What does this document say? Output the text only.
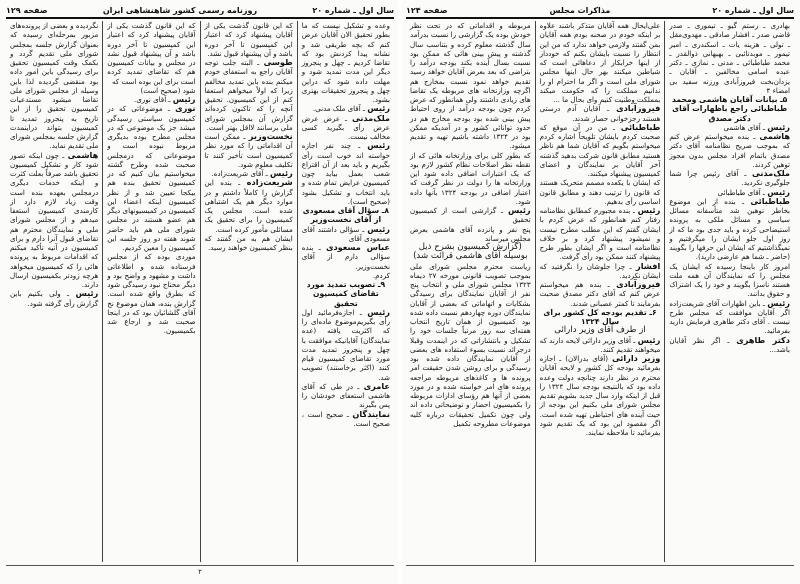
سال اول ـ شماره ۲۰
روزنامه رسمی کشور شاهنشاهی ایران
صفحه ۱۲۹

وعده و تشکیل نیست که ما بطور تحقیق الان آقایان عرض کنم که بچه طریقی شد و نشانه پیدا کردنش بود که تقاضا کردیم ـ چهل و پنجروز دیگر این مدت تمدید شود و مهلت داده شود که دراین چهل و پنجروز تحقیقات بهتری بشود.

رئیس ـ آقای ملک مدنی.

ملک‌مدنی ـ عرض عرض عرض رأی بگیرید کسی مخالف نیست.

رئیس ـ چند نفر اجازه خواسته اند خوب است رأی بگیریم و باید بعد از آن اقتراع شعب بعمل بیاید چون کمیسیون عرایض تمام شده و باید انتخاب و تشکیل بشود (صحیح است).

۸ـ سؤال آقای مسعودی از آقای نخست‌وزیر

رئیس ـ سؤالی داشتند آقای مسعودی آقای

عباس مسعودی ـ بنده سؤالی دارم از آقای نخست‌وزیر.

کردم.

۹ـ تصویب تمدید مورد تقاضای کمیسیون تحقیق

رئیس ـ اجازه‌فرمائید اول رأی بگیریم‌موضوع ماده‌ای را که اکثریت یافته (عده نمایندگان) آقایانیکه موافقت با چهل و پنجروز تمدید مدت مورد تقاضای کمیسیون قیام کنند (اکثر برخاستند) تصویب شد.

عامری ـ در طی که آقای هاشمی استعفای خودشان را پس بگیرند

نمایندگان ـ صحیح است ، صحیح است.

که این قانون گذشت یکی از آقایان پیشنهاد کرد که اعتبار این کمیسیون تا آخر دوره باشد و آن پیشنهاد قبول نشد.

طوسی ـ البته جلب توجه آقایان راجع به استعفای خودم میکنم بنده باین تمدید مخالفم زیرا که اولاً میخواهم استعفا کنم از این کمیسیون. تحقیق آنچه را که تاکنون کرده‌اند گزارش آن بمجلس شورای ملی برسانند لااقل بهتر است.

نخست‌وزیر ـ ممکن است آن اقداماتی را که مورد نظر کمیسیون است تأخیر کنند تا تکلیف معلوم شود.

رئیس ـ آقای شریعت‌زاده.

شریعت‌زاده ـ بنده این گزارش را کاملاً داشتم و در موارد دیگر هم یک اشتباهی شده است. مجلس یک کمیسیون را برای تحقیق یک مسائلی مأمور کرده است.

ایشان هم به من گفتند که بنظر کمیسیون خواهند رسید.

که این قانون گذشت یکی از آقایان پیشنهاد کرد که اعتبار این کمیسیون تا آخر دوره باشد و آن پیشنهاد قبول نشد در مجلس و بیانات کمیسیون هم که تقاضای تمدید کرده است برای این بوده است که

شود (صحیح است)

رئیس ـ آقای نوری.

نوری ـ موضوعاتی که در کمیسیون سیاستی رسیدگی میشد جز یک موضوعی که در مجلس مطرح بوده بدیگری مربوط نبوده است و موضوعاتی که درمجلس صحبت شده وطرح گشته میخواستیم بیان کنیم که در کمیسیون تحقیق بنده هم بیکجا تعیین شد و از نظر کمیسیون اینکه اعضاء این کمیسیون در کمیسیونهای دیگر هم عضو هستند در مجلس شورای ملی هم باید حاضر شوند هفته دو روز جلسه این کمیسیون را معین کردیم.

موردی بوده که از مجلس فرستاده شده و اطلاعاتی داشت و مشهود و واضح بود و دیگر محتاج نبود رسیدگی شود که بطرق واقع شده است. گزارش بنده، همان موضوع نخ آقای گلشائیان بود که در اینجا صحبت شد و ارجاع شد بکمیسیون.

نگردیده و بعضی از پرونده‌های مزبور بمرحله‌ای رسیده که بعنوان گزارش جلسه بمجلس شورای ملی تقدیم گردد و بکمک وقت کمیسیون تحقیق برای رسیدگی باین امور داده بود منقضی گردیده لذا باین وسیله از مجلس شورای ملی تقاضا میشود مستدعیات کمیسیون تحقیق را از این تاریخ به پنجروز تمدید تا کمیسیون بتواند دراینمدت گزارش جلسه بمجلس شورای ملی تقدیم نماید.

هاشمی ـ چون اینکه تصور شود کار و تشکیل کمیسیون تحقیق باشد صرفاً بعلت کثرت و اینکه خدمات دیگری درمجلس بعهده بنده است وقت زیاد لازم دارد از کارمندی کمیسیون استعفا میدهم و از مجلس شورای ملی و نمایندگان محترم هم تقاضای قبول آنرا دارم و برای کمیسیون در آتیه تأکید میکنم که اقدامات مربوط به پرونده هائی را که کمیسیون میخواهد هرچه زودتر بکمیسیون ارسال دارند.

رئیس ـ ولی بکنیم باین گزارش رأی گرفته شود.

۲
سال اول ـ شماره ۲۰
مذاکرات مجلس
صفحه ۱۲۴

بهادری ـ رستم گیو ـ تیموری ـ صدر قاضی صدر ـ افشار صادقی ـ مهدوی‌مقل ـ تولی ـ هزینه یات ـ اسکندری ـ امیر تیمور ـ موبدتائبی ـ بهبهانی ذوالقدر ـ محمد طباطبائی ـ مدنی ـ نمازی ـ دکتر عبده اسامی مخالفین ـ آقایان ـ یزدان‌بخت فیروزآبادی ورزنه سفید بی امضاء ۴

۵ـ بیانات آقایان هاشمی ومحمد طباطبائی راجع باظهارات آقای دکتر مصدق

رئیس ـ آقای هاشمی

هاشمی ـ بنده میخواستم عرض کنم که بموجب صریح نظامنامه آقای دکتر مصدق باتمام افراد مجلس بدون مجوز توهین کردند.

ملک‌مدنی ـ آقای رئیس چرا شما جلوگیری نکردید.

رئیس ـ آقای طباطبائی

طباطبائی ـ بنده از این موضوع بخاطر توهین شد متأسفانه مسائل سیاسی و مسائل ملکی به پرونده استیضاحی کرده و باید جدی بود ما که از روز اول جلو ایشان را میگرفتیم و نمیگذاشتیم که ایشان این حرفها را بگویند (حاضر ـ شما هم عارضی دارید).

امروز کار باینجا رسیده که ایشان یک مجلس را که نمایندگان آن همه ملت هستند ناسزا بگویند و خود را یک اشتراک و حقوق بدانند.

رئیس ـ باین اظهارات آقای شریعت‌زاده اگر آقایان موافقت که مجلس طرح نیست . آقای دکتر طاهری فرمایش دارید بفرمائید.

دکتر طاهری ـ اگر نظر آقایان باشد...

علی‌ایحال همه آقایان متذکر باشند علاوه بر اینکه خودم در صحنه بودم همه آقایان بمن گفتند ولازمی خواهد ندارد که من این انتظار را نسبت بایشان بکنم که خوددار از اینها خرابکار از دعاهائی است که شیاطین میکنند بهر حال اینها مجلس شورای ملی است و اگر ما احترام او را ندانیم مملکت را که حکومت میکند بمملکت وطنیت کنیم وای بحال ما ...

فیروزآبادی ـ آقایان آدم درستی هستند رجزخوانی حصار شدند.

طباطبائی ـ من در آن موقع که صحبت کردم بایشان تلویحاً اشاره کردم میخواستم بگویم که آقایان شما هم ناظر هستید مطابق قانون شرکت بدهید گذشته آخر آقایان بر نمایندگان و اعضای کمیسیون پیشنهاد میکنند.

که ایشان با یکعده مصمم متحریک هستند که قانون را ترتیب دهند و مطابق قانون اساسی رأی بدهیم.

رئیس ـ بنده مجبورم کمطابق نظامنامه رفتار کنم همانطور که عرض کردم با ایشان گفتم که این مطلب مطرح نیست و نمیشود پیشنهاد کرد و بر خلاف نظامنامه است و اگر ایشان بطور طرح پیشنهاد کنند ممکن بود رأی گرفت.

افشار ـ چرا جلوشان را نگرفتید که ایشان نکردید.

فیروزآبادی ـ بنده هم میخواستم عرض کنم که آقای دکتر مصدق صحبت بفرمایند تا کمتر عصبانی شدند.

۶ـ تقدیم بودجه کل کشور برای سال ۱۳۲۴

از طرف آقای وزیر دارائی

رئیس ـ آقای وزیر دارائی لایحه دارند که میخواهند تقدیم کنند.

وزیر دارائی (آقای بدرالان) ـ اجازه بفرمائید بودجه کل کشور و لایحه آقایان محترم در نظر دارند چنانچه دولت وعده داده بود که بالنتیجه بودجه سال ۱۳۲۴ را قبل از اینکه وارد سال جدید بشویم تقدیم مجلس شورای ملی بکنیم این بودجه از حیث آینده های احتیاطی تهیه شده است. اگر مقصود این بود که یک تقدیم شود بفرمائید تا ملاحظه نمایند.

مربوطه و اقداماتی که در تحت نظر خودش بوده یک گزارشی را نسبت بدرآمد سال گذشته معلوم کرده و بتناسب سال گذشته و پیش بینی هائی که ممکن بود نسبت بسال آینده بکند بودجه درآمد را بتراضی که بعد بعرض آقایان خواهد رسید تقدیم خواهد نمود نسبت بمخارج هم اگرچه وزارتخانه های مربوطه یک تقاضا های زیادی داشتند ولی همانطور که عرض کردم چون بودجه درآمد از روی احتیاط پیش بینی شده بود بودجه مخارج هم در حدود توانائی کشور و در آمدیکه ممکن بود در ۱۳۲۴ داشته باشیم تهیه و تقدیم میشود.

که بطور کلی برای وزارتخانه هائی که از نقطه نظر اصلاحات نظام کشور لازم بود که یک اعتبارات اضافی داده شود این وزارتخانه ها را دولت در نظر گرفت که اعتبار اضافی در بودجه ۱۳۲۴ بآنها داده شود.

رئیس ـ گزارشی است از کمیسیون تحقیق

پنج نفر و پانزده آقای هاشمی بعرض مجلس میرساند

(گزارش کمیسیون بشرح ذیل بوسیله آقای هاشمی قرائت شد)

ریاست محترم مجلس شورای ملی بموجب تصویب قانونی مورخه ۲۷ دیماه ۱۳۲۳ مجلس شورای ملی و انتخاب پنج نفر از آقایان نمایندگان برای رسیدگی بشکایات و اتهاماتی که بعضی از آقایان نمایندگان دوره چهاردهم نسبت داده شده بود کمیسیون از همان تاریخ انتخاب هفته‌ای سه روز مرتباً جلسات خود را تشکیل و بانتشاراتی که در اینمدت وقبلا درجرائد نسبت بسوء استفاده های بعضی از آقایان نمایندگان داده شده بود رسیدگی و برای روشن شدن حقیقت امر پرونده ها و کاغذهای مربوطه مراجعه پرونده های امر خواسته شده و در مورد بعضی از آنها هم رؤسای ادارات مربوطه را بکمیسیون احضار و توضیحاتی داده اند ولی چون تکمیل تحقیقات درباره کلیه موضوعات مطروحه تکمیل
